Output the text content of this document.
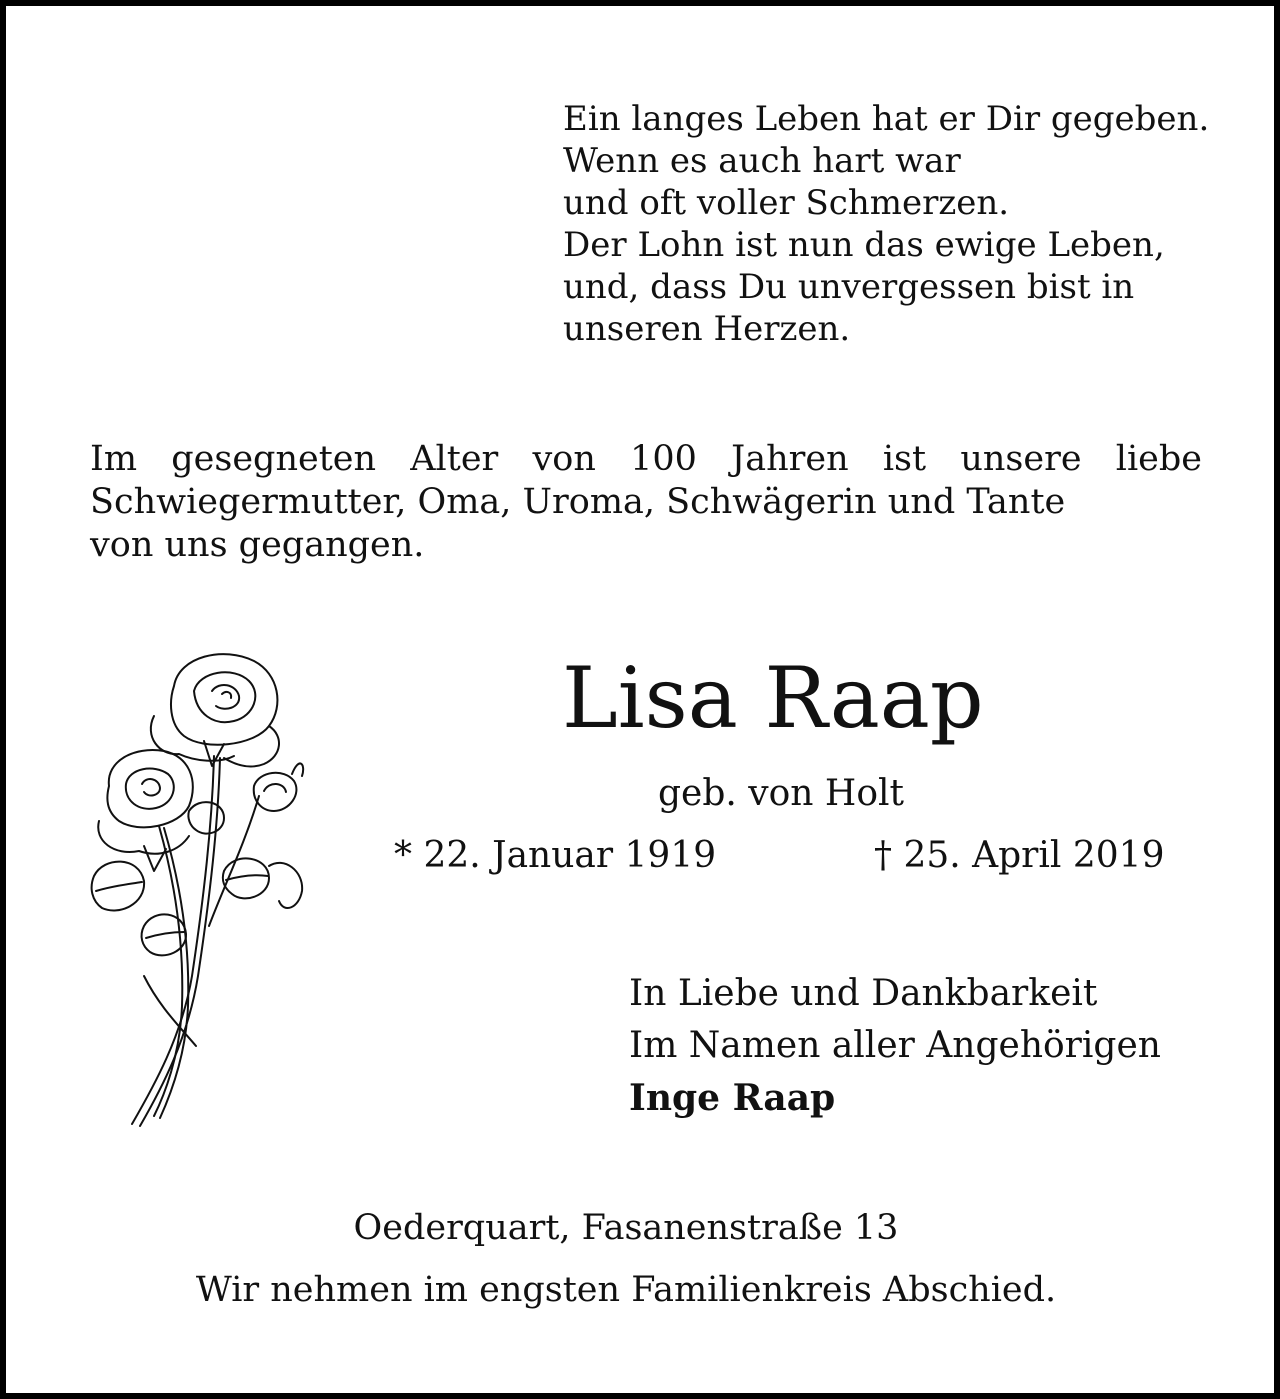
Ein langes Leben hat er Dir gegeben.
Wenn es auch hart war
und oft voller Schmerzen.
Der Lohn ist nun das ewige Leben,
und, dass Du unvergessen bist in
unseren Herzen.
Im gesegneten Alter von 100 Jahren ist unsere liebe
Schwiegermutter, Oma, Uroma, Schwägerin und Tante
von uns gegangen.
Lisa Raap
geb. von Holt
* 22. Januar 1919	† 25. April 2019
In Liebe und Dankbarkeit
Im Namen aller Angehörigen
Inge Raap
Oederquart, Fasanenstraße 13
Wir nehmen im engsten Familienkreis Abschied.
